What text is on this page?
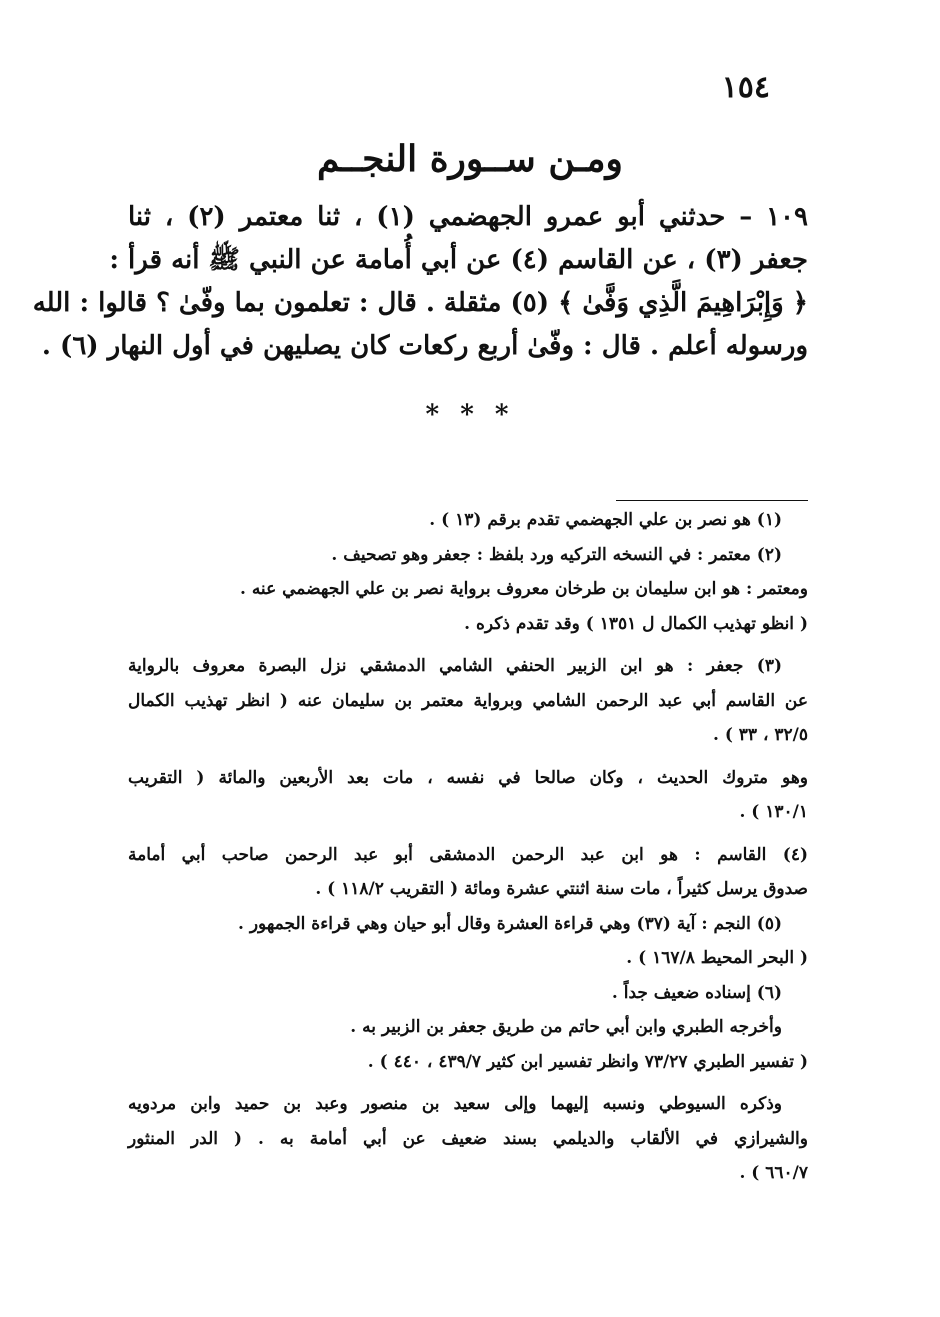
١٥٤
ومـن ســورة النجــم
١٠٩ – حدثني أبو عمرو الجهضمي (١) ، ثنا معتمر (٢) ، ثنا
جعفر (٣) ، عن القاسم (٤) عن أبي أُمامة عن النبي ﷺ أنه قرأ :
﴿ وَإِبْرَاهِيمَ الَّذِي وَفَّىٰ ﴾ (٥) مثقلة . قال : تعلمون بما وفّىٰ ؟ قالوا : الله
ورسوله أعلم . قال : وفّىٰ أربع ركعات كان يصليهن في أول النهار (٦) .
* * *
(١) هو نصر بن علي الجهضمي تقدم برقم (١٣ ) .
(٢) معتمر : في النسخه التركيه ورد بلفظ : جعفر وهو تصحيف .
ومعتمر : هو ابن سليمان بن طرخان معروف برواية نصر بن علي الجهضمي عنه .
( انظو تهذيب الكمال ل ١٣٥١ ) وقد تقدم ذكره .
(٣) جعفر : هو ابن الزبير الحنفي الشامي الدمشقي نزل البصرة معروف بالرواية
عن القاسم أبي عبد الرحمن الشامي وبرواية معتمر بن سليمان عنه ( انظر تهذيب الكمال
٣٢/٥ ، ٣٣ ) .
وهو متروك الحديث ، وكان صالحا في نفسه ، مات بعد الأربعين والمائة ( التقريب
١٣٠/١ ) .
(٤) القاسم : هو ابن عبد الرحمن الدمشقى أبو عبد الرحمن صاحب أبي أمامة
صدوق يرسل كثيراً ، مات سنة اثنتي عشرة ومائة ( التقريب ١١٨/٢ ) .
(٥) النجم : آية (٣٧) وهي قراءة العشرة وقال أبو حيان وهي قراءة الجمهور .
( البحر المحيط ١٦٧/٨ ) .
(٦) إسناده ضعيف جداً .
وأخرجه الطبري وابن أبي حاتم من طريق جعفر بن الزبير به .
( تفسير الطبري ٧٣/٢٧ وانظر تفسير ابن كثير ٤٣٩/٧ ، ٤٤٠ ) .
وذكره السيوطي ونسبه إليهما وإلى سعيد بن منصور وعبد بن حميد وابن مردويه
والشيرازي في الألقاب والديلمي بسند ضعيف عن أبي أمامة به . ( الدر المنثور
٦٦٠/٧ ) .
